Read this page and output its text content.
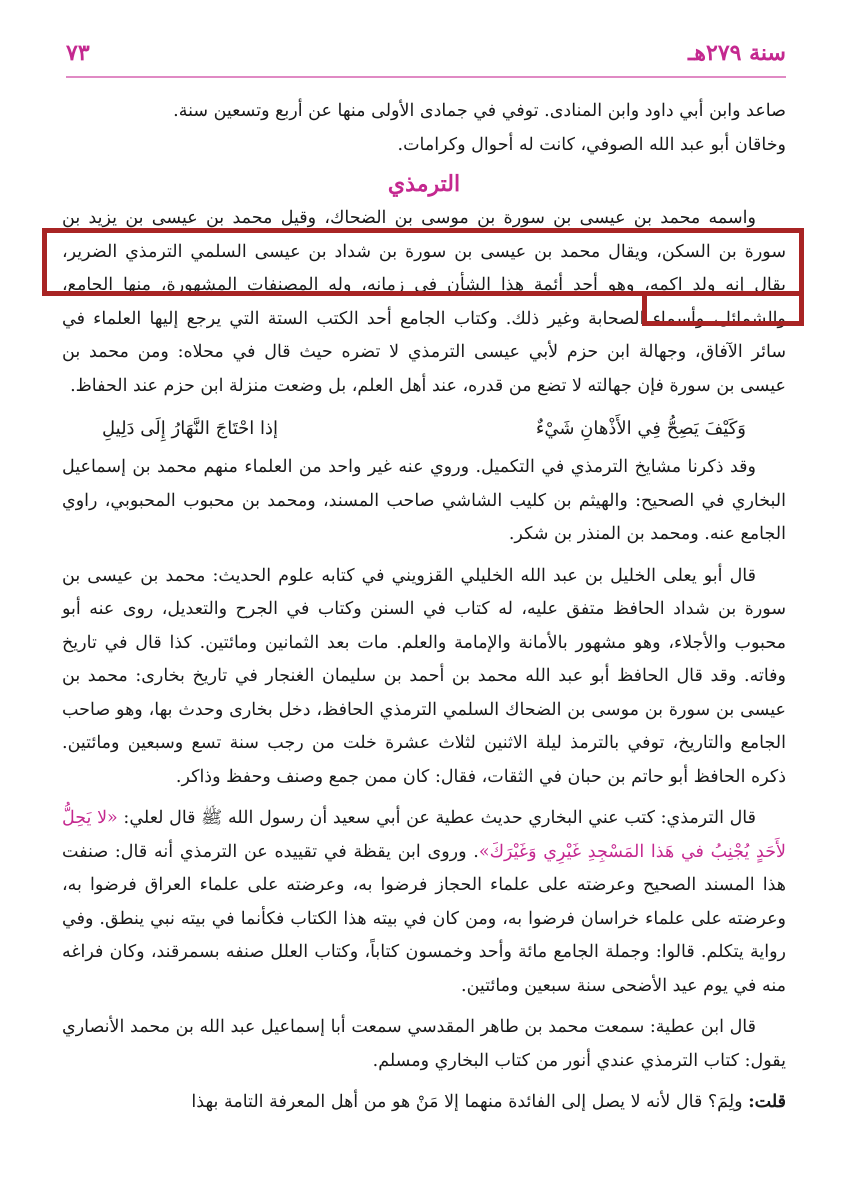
سنة ٢٧٩هـ
٧٣

صاعد وابن أبي داود وابن المنادى. توفي في جمادى الأولى منها عن أربع وتسعين سنة.

وخاقان أبو عبد الله الصوفي، كانت له أحوال وكرامات.

الترمذي

واسمه محمد بن عيسى بن سورة بن موسى بن الضحاك، وقيل محمد بن عيسى بن يزيد بن سورة بن السكن، ويقال محمد بن عيسى بن سورة بن شداد بن عيسى السلمي الترمذي الضرير، يقال إنه ولد اكمه، وهو أحد أئمة هذا الشأن في زمانه، وله المصنفات المشهورة، منها الجامع، والشمائل، وأسماء الصحابة وغير ذلك. وكتاب الجامع أحد الكتب الستة التي يرجع إليها العلماء في سائر الآفاق، وجهالة ابن حزم لأبي عيسى الترمذي لا تضره حيث قال في محلاه: ومن محمد بن عيسى بن سورة فإن جهالته لا تضع من قدره، عند أهل العلم، بل وضعت منزلة ابن حزم عند الحفاظ.

وَكَيْفَ يَصِحُّ فِي الأَذْهانِ شَيْءٌ
إذا احْتَاجَ النَّهَارُ إِلَى دَلِيلِ

وقد ذكرنا مشايخ الترمذي في التكميل. وروي عنه غير واحد من العلماء منهم محمد بن إسماعيل البخاري في الصحيح: والهيثم بن كليب الشاشي صاحب المسند، ومحمد بن محبوب المحبوبي، راوي الجامع عنه. ومحمد بن المنذر بن شكر.

قال أبو يعلى الخليل بن عبد الله الخليلي القزويني في كتابه علوم الحديث: محمد بن عيسى بن سورة بن شداد الحافظ متفق عليه، له كتاب في السنن وكتاب في الجرح والتعديل، روى عنه أبو محبوب والأجلاء، وهو مشهور بالأمانة والإمامة والعلم. مات بعد الثمانين ومائتين. كذا قال في تاريخ وفاته. وقد قال الحافظ أبو عبد الله محمد بن أحمد بن سليمان الغنجار في تاريخ بخارى: محمد بن عيسى بن سورة بن موسى بن الضحاك السلمي الترمذي الحافظ، دخل بخارى وحدث بها، وهو صاحب الجامع والتاريخ، توفي بالترمذ ليلة الاثنين لثلاث عشرة خلت من رجب سنة تسع وسبعين ومائتين. ذكره الحافظ أبو حاتم بن حبان في الثقات، فقال: كان ممن جمع وصنف وحفظ وذاكر.

قال الترمذي: كتب عني البخاري حديث عطية عن أبي سعيد أن رسول الله ﷺ قال لعلي: «لا يَحِلُّ لأَحَدٍ يُجْنِبُ في هَذا المَسْجِدِ غَيْرِي وَغَيْرَكَ». وروى ابن يقظة في تقييده عن الترمذي أنه قال: صنفت هذا المسند الصحيح وعرضته على علماء الحجاز فرضوا به، وعرضته على علماء العراق فرضوا به، وعرضته على علماء خراسان فرضوا به، ومن كان في بيته هذا الكتاب فكأنما في بيته نبي ينطق. وفي رواية يتكلم. قالوا: وجملة الجامع مائة وأحد وخمسون كتاباً، وكتاب العلل صنفه بسمرقند، وكان فراغه منه في يوم عيد الأضحى سنة سبعين ومائتين.

قال ابن عطية: سمعت محمد بن طاهر المقدسي سمعت أبا إسماعيل عبد الله بن محمد الأنصاري يقول: كتاب الترمذي عندي أنور من كتاب البخاري ومسلم.

قلت: ولِمَ؟ قال لأنه لا يصل إلى الفائدة منهما إلا مَنْ هو من أهل المعرفة التامة بهذا
